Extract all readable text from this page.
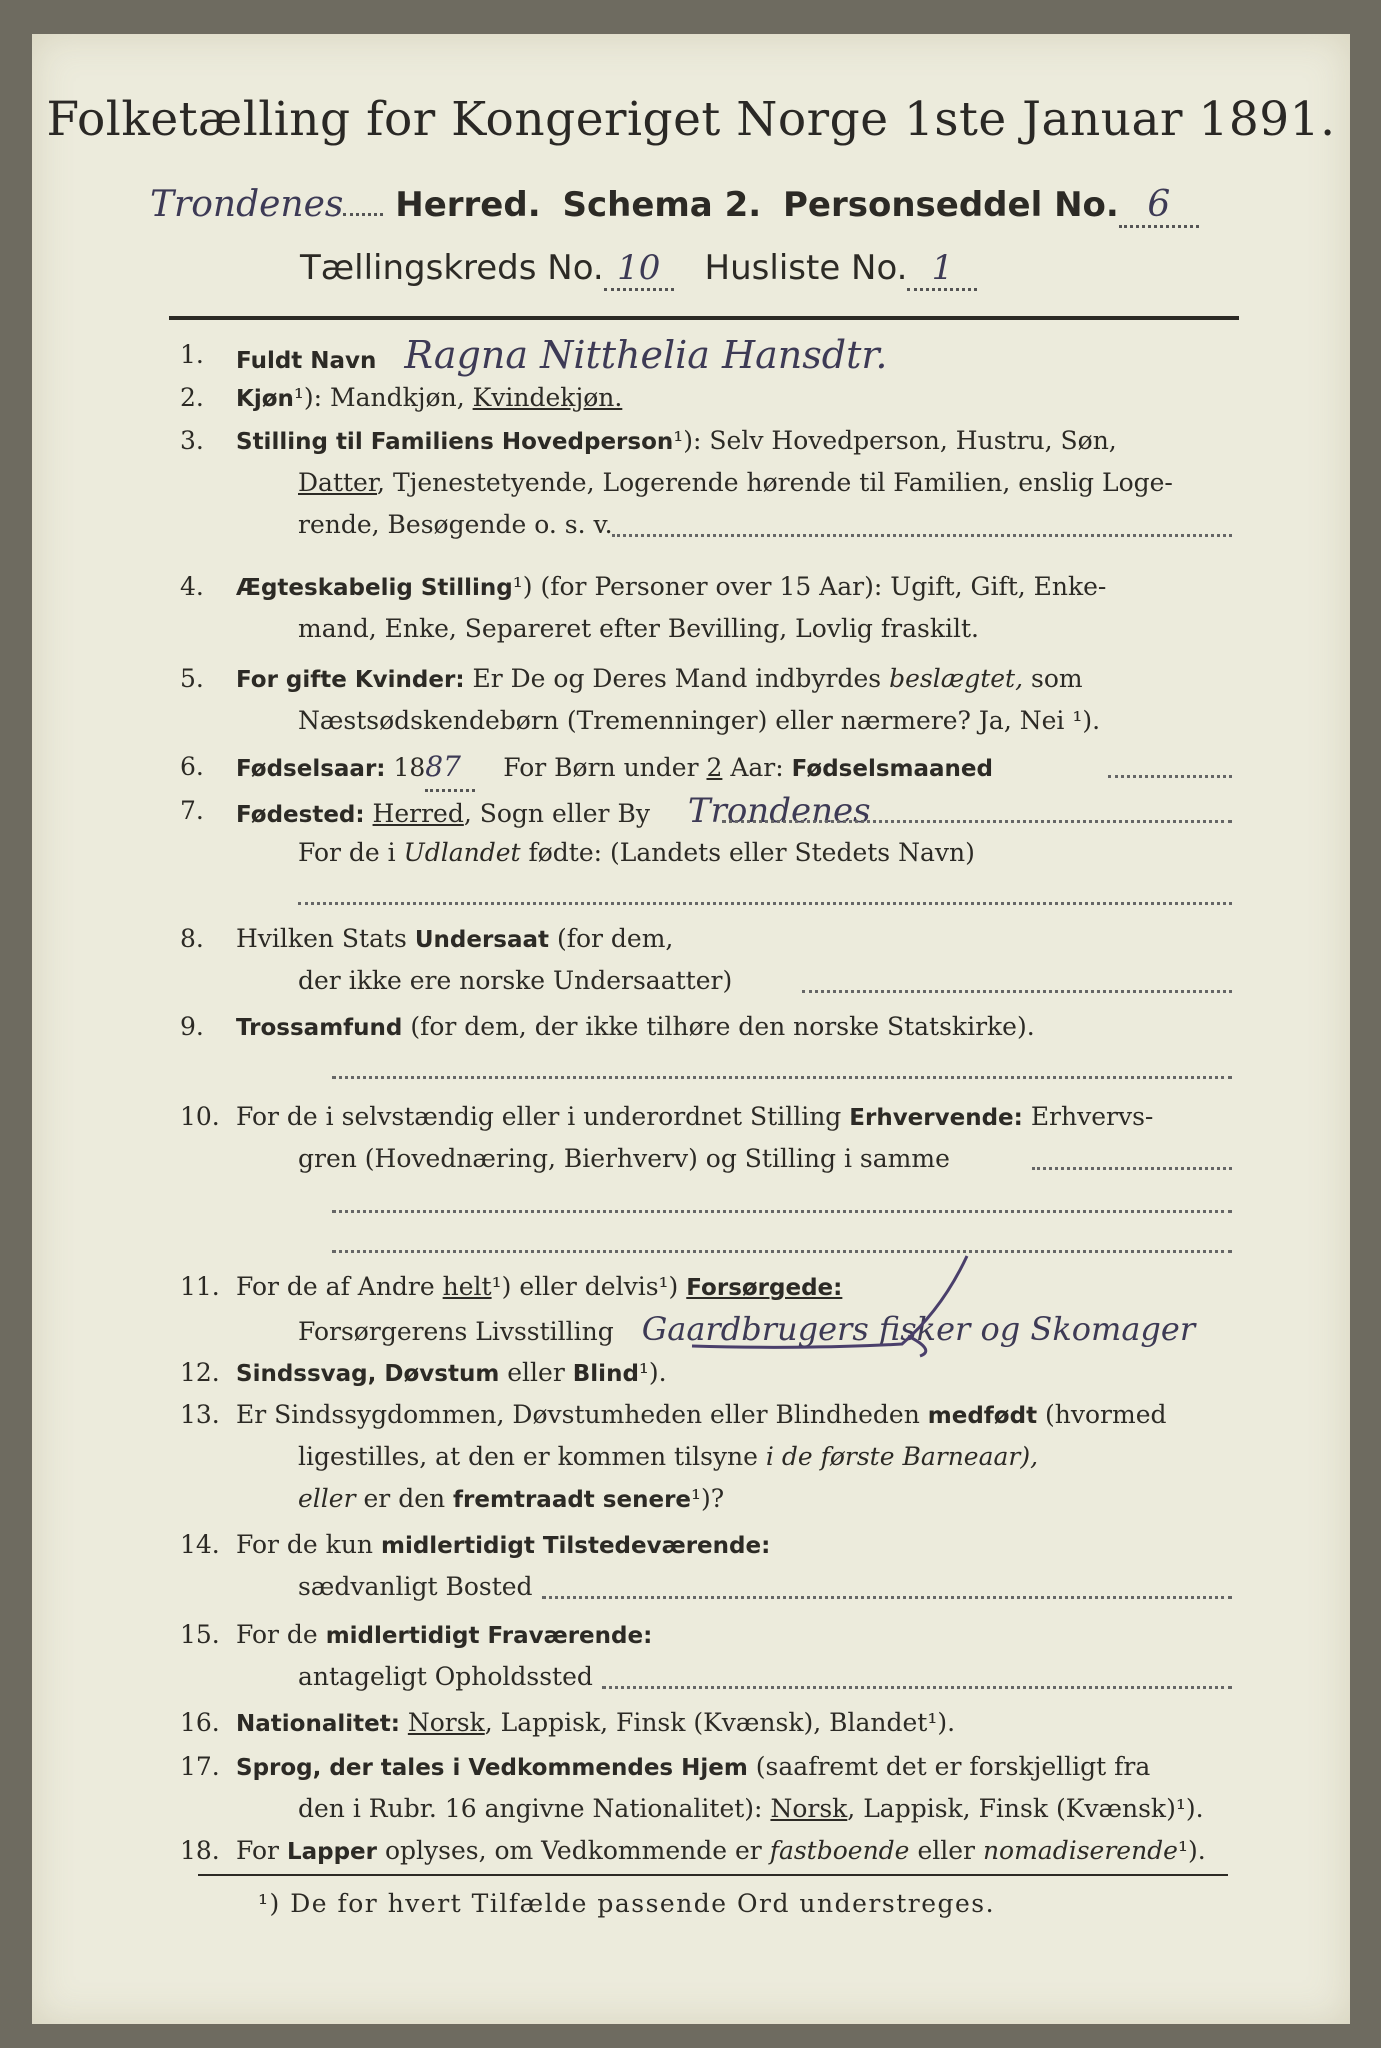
Folketælling for Kongeriget Norge 1ste Januar 1891.
Trondenes Herred. Schema 2. Personseddel No. 6
Tællingskreds No. 10 Husliste No. 1
1. Fuldt Navn Ragna Nitthelia Hansdtr.
2. Kjøn¹): Mandkjøn, Kvindekjøn.
3. Stilling til Familiens Hovedperson¹): Selv Hovedperson, Hustru, Søn,
Datter, Tjenestetyende, Logerende hørende til Familien, enslig Loge-
rende, Besøgende o. s. v.
4. Ægteskabelig Stilling¹) (for Personer over 15 Aar): Ugift, Gift, Enke-
mand, Enke, Separeret efter Bevilling, Lovlig fraskilt.
5. For gifte Kvinder: Er De og Deres Mand indbyrdes beslægtet, som
Næstsødskendebørn (Tremenninger) eller nærmere? Ja, Nei ¹).
6. Fødselsaar: 1887 For Børn under 2 Aar: Fødselsmaaned
7. Fødested: Herred, Sogn eller By Trondenes
For de i Udlandet fødte: (Landets eller Stedets Navn)
8. Hvilken Stats Undersaat (for dem,
der ikke ere norske Undersaatter)
9. Trossamfund (for dem, der ikke tilhøre den norske Statskirke).
10. For de i selvstændig eller i underordnet Stilling Erhvervende: Erhvervs-
gren (Hovednæring, Bierhverv) og Stilling i samme
11. For de af Andre helt¹) eller delvis¹) Forsørgede:
Forsørgerens Livsstilling Gaardbrugers fisker og Skomager
12. Sindssvag, Døvstum eller Blind¹).
13. Er Sindssygdommen, Døvstumheden eller Blindheden medfødt (hvormed
ligestilles, at den er kommen tilsyne i de første Barneaar),
eller er den fremtraadt senere¹)?
14. For de kun midlertidigt Tilstedeværende:
sædvanligt Bosted
15. For de midlertidigt Fraværende:
antageligt Opholdssted
16. Nationalitet: Norsk, Lappisk, Finsk (Kvænsk), Blandet¹).
17. Sprog, der tales i Vedkommendes Hjem (saafremt det er forskjelligt fra
den i Rubr. 16 angivne Nationalitet): Norsk, Lappisk, Finsk (Kvænsk)¹).
18. For Lapper oplyses, om Vedkommende er fastboende eller nomadiserende¹).
¹) De for hvert Tilfælde passende Ord understreges.
